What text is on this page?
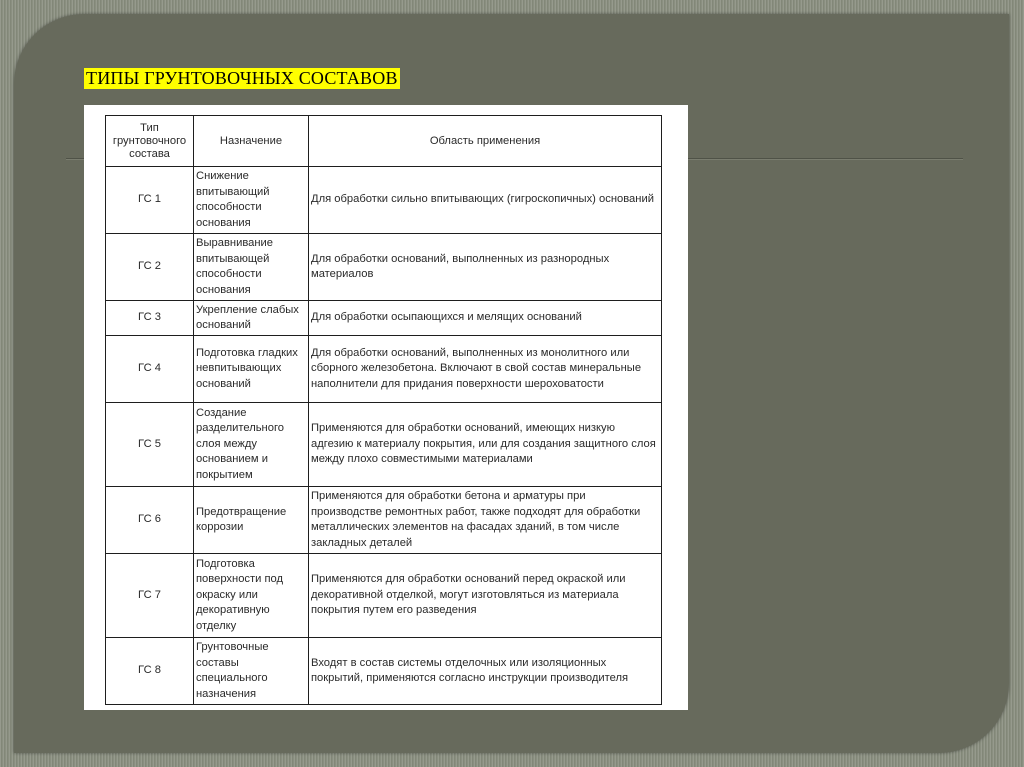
ТИПЫ ГРУНТОВОЧНЫХ СОСТАВОВ
Тип грунтовочного состава	Назначение	Область применения
ГС 1	Снижение впитывающий способности основания	Для обработки сильно впитывающих (гигроскопичных) оснований
ГС 2	Выравнивание впитывающей способности основания	Для обработки оснований, выполненных из разнородных материалов
ГС 3	Укрепление слабых оснований	Для обработки осыпающихся и мелящих оснований
ГС 4	Подготовка гладких невпитывающих оснований	Для обработки оснований, выполненных из монолитного или сборного железобетона. Включают в свой состав минеральные наполнители для придания поверхности шероховатости
ГС 5	Создание разделительного слоя между основанием и покрытием	Применяются для обработки оснований, имеющих низкую адгезию к материалу покрытия, или для создания защитного слоя между плохо совместимыми материалами
ГС 6	Предотвращение коррозии	Применяются для обработки бетона и арматуры при производстве ремонтных работ, также подходят для обработки металлических элементов на фасадах зданий, в том числе закладных деталей
ГС 7	Подготовка поверхности под окраску или декоративную отделку	Применяются для обработки оснований перед окраской или декоративной отделкой, могут изготовляться из материала покрытия путем его разведения
ГС 8	Грунтовочные составы специального назначения	Входят в состав системы отделочных или изоляционных покрытий, применяются согласно инструкции производителя
